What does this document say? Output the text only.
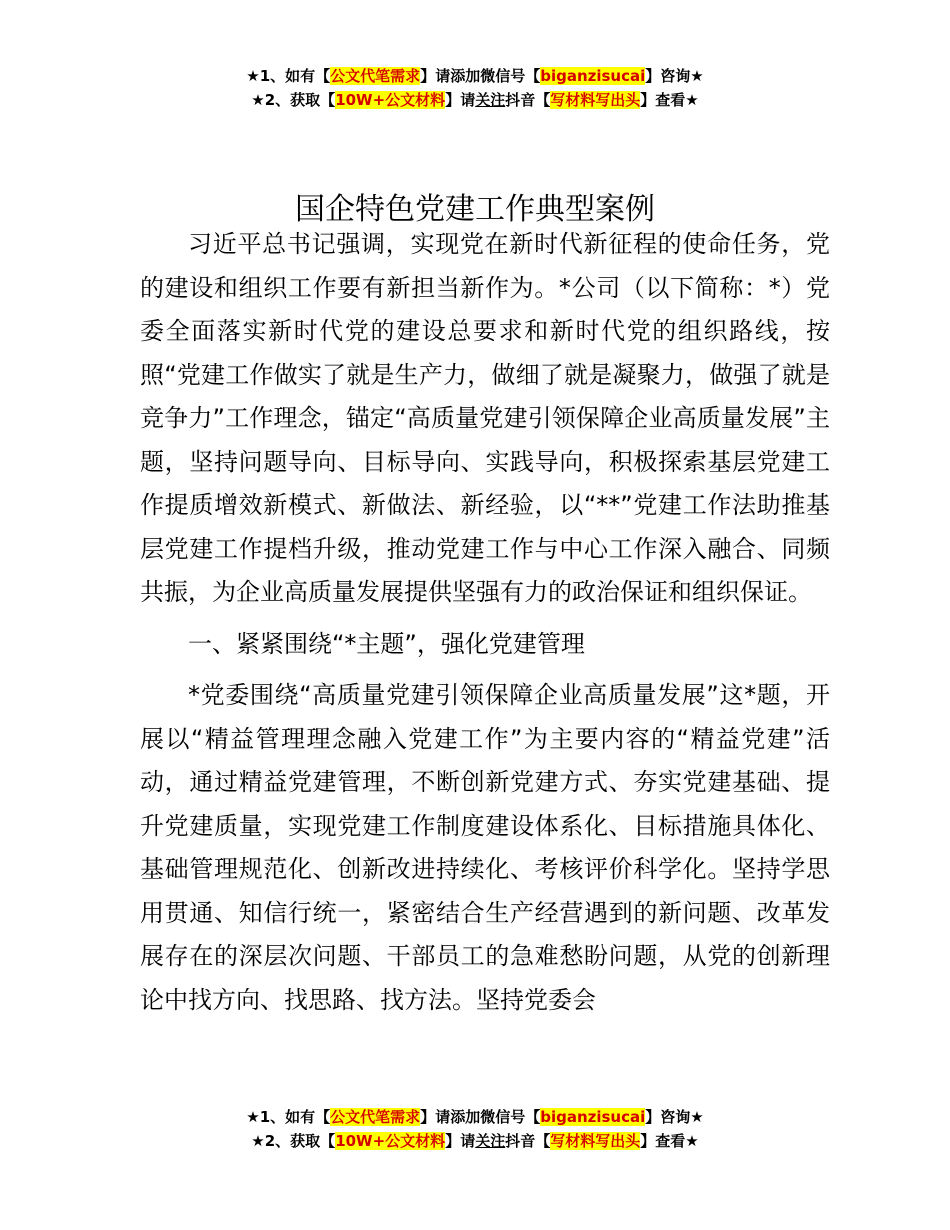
★1、如有【公文代笔需求】请添加微信号【biganzisucai】咨询★
★2、获取【10W+公文材料】请关注抖音【写材料写出头】查看★
国企特色党建工作典型案例

习近平总书记强调，实现党在新时代新征程的使命任务，党的建设和组织工作要有新担当新作为。*公司（以下简称：*）党委全面落实新时代党的建设总要求和新时代党的组织路线，按照“党建工作做实了就是生产力，做细了就是凝聚力，做强了就是竞争力”工作理念，锚定“高质量党建引领保障企业高质量发展”主题，坚持问题导向、目标导向、实践导向，积极探索基层党建工作提质增效新模式、新做法、新经验，以“**”党建工作法助推基层党建工作提档升级，推动党建工作与中心工作深入融合、同频共振，为企业高质量发展提供坚强有力的政治保证和组织保证。

一、紧紧围绕“*主题”，强化党建管理

*党委围绕“高质量党建引领保障企业高质量发展”这*题，开展以“精益管理理念融入党建工作”为主要内容的“精益党建”活动，通过精益党建管理，不断创新党建方式、夯实党建基础、提升党建质量，实现党建工作制度建设体系化、目标措施具体化、基础管理规范化、创新改进持续化、考核评价科学化。坚持学思用贯通、知信行统一，紧密结合生产经营遇到的新问题、改革发展存在的深层次问题、干部员工的急难愁盼问题，从党的创新理论中找方向、找思路、找方法。坚持党委会

★1、如有【公文代笔需求】请添加微信号【biganzisucai】咨询★
★2、获取【10W+公文材料】请关注抖音【写材料写出头】查看★
